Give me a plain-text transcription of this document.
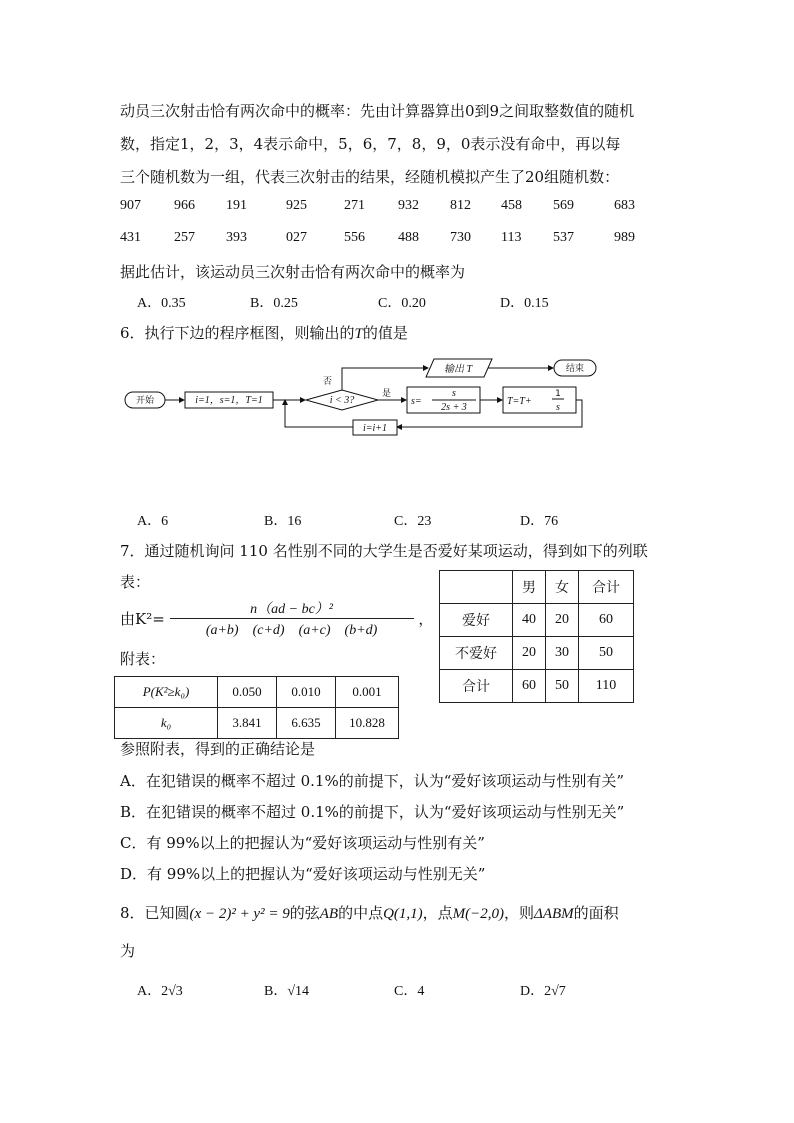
动员三次射击恰有两次命中的概率：先由计算器算出0到9之间取整数值的随机
数，指定1，2，3，4表示命中，5，6，7，8，9，0表示没有命中，再以每
三个随机数为一组，代表三次射击的结果，经随机模拟产生了20组随机数：
907 966 191	925	271 932 812 458 569	683
431 257 393	027	556 488 730 113 537	989
据此估计，该运动员三次射击恰有两次命中的概率为
A．0.35	B．0.25	C．0.20	D．0.15
6．执行下边的程序框图，则输出的T的值是
开始	i=1，s=1，T=1	i < 3?
是
s=
s
2s + 3
T=T+
1
s
i=i+1
否
输出 T	结束
A．6	B．16	C．23	D．76
7．通过随机询问 110 名性别不同的大学生是否爱好某项运动，得到如下的列联
表：
由$K^2= \frac{\text{n（ad − bc）²}}{(a+b) (c+d) (a+c) (b+d)}$ ，
	男	女	合计
爱好	40	20	60
不爱好	20	30	50
合计	60	50	110
附表：
P(K²≥k₀)	0.050	0.010	0.001
k₀	3.841	6.635	10.828
参照附表，得到的正确结论是
A．在犯错误的概率不超过 0.1%的前提下，认为“爱好该项运动与性别有关”
B．在犯错误的概率不超过 0.1%的前提下，认为“爱好该项运动与性别无关”
C．有 99%以上的把握认为“爱好该项运动与性别有关”
D．有 99%以上的把握认为“爱好该项运动与性别无关”
8．已知圆(x − 2)² + y² = 9的弦AB的中点Q(1,1)，点M(−2,0)，则ΔABM的面积
为
A．2√3	B．√14	C．4	D．2√7
